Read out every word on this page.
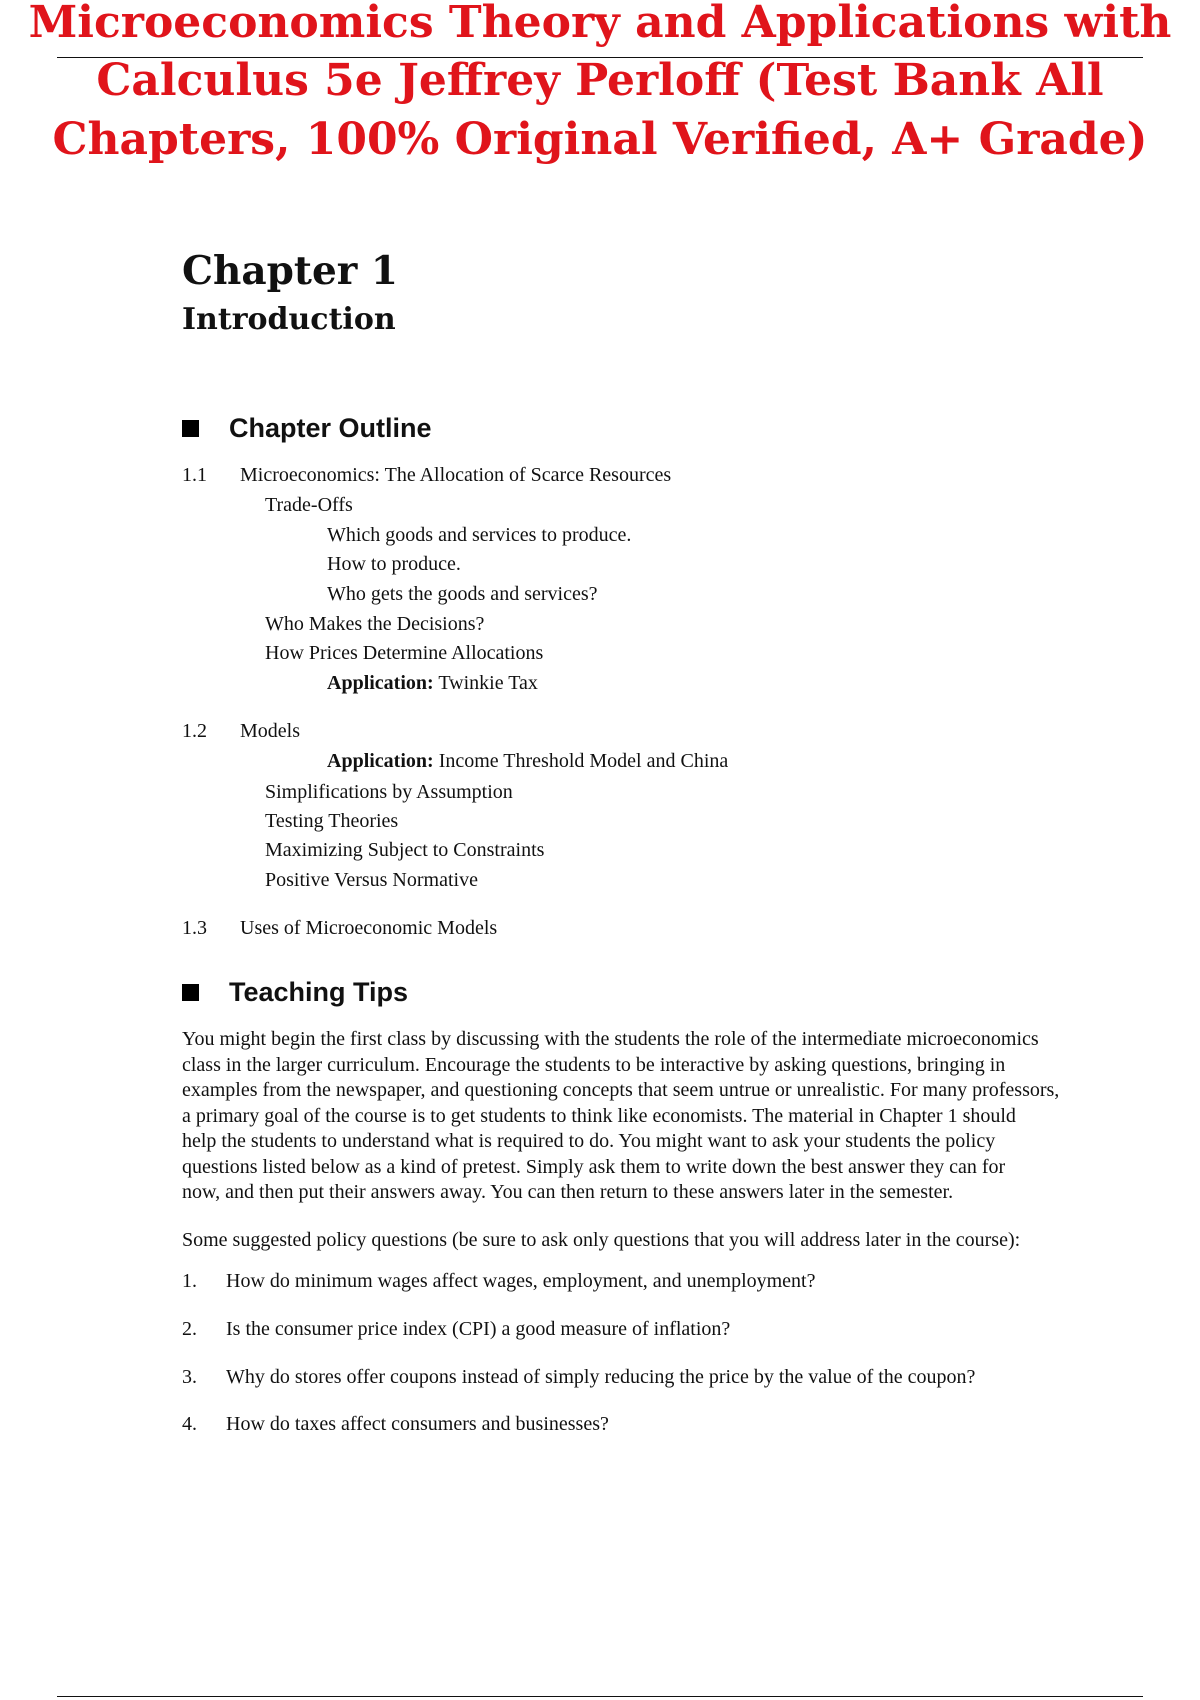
Microeconomics Theory and Applications with
Calculus 5e Jeffrey Perloff (Test Bank All
Chapters, 100% Original Verified, A+ Grade)
Chapter 1
Introduction
Chapter Outline
1.1 Microeconomics: The Allocation of Scarce Resources
Trade-Offs
Which goods and services to produce.
How to produce.
Who gets the goods and services?
Who Makes the Decisions?
How Prices Determine Allocations
Application: Twinkie Tax
1.2 Models
Application: Income Threshold Model and China
Simplifications by Assumption
Testing Theories
Maximizing Subject to Constraints
Positive Versus Normative
1.3 Uses of Microeconomic Models
Teaching Tips
You might begin the first class by discussing with the students the role of the intermediate microeconomics
class in the larger curriculum. Encourage the students to be interactive by asking questions, bringing in
examples from the newspaper, and questioning concepts that seem untrue or unrealistic. For many professors,
a primary goal of the course is to get students to think like economists. The material in Chapter 1 should
help the students to understand what is required to do. You might want to ask your students the policy
questions listed below as a kind of pretest. Simply ask them to write down the best answer they can for
now, and then put their answers away. You can then return to these answers later in the semester.
Some suggested policy questions (be sure to ask only questions that you will address later in the course):
1. How do minimum wages affect wages, employment, and unemployment?
2. Is the consumer price index (CPI) a good measure of inflation?
3. Why do stores offer coupons instead of simply reducing the price by the value of the coupon?
4. How do taxes affect consumers and businesses?
